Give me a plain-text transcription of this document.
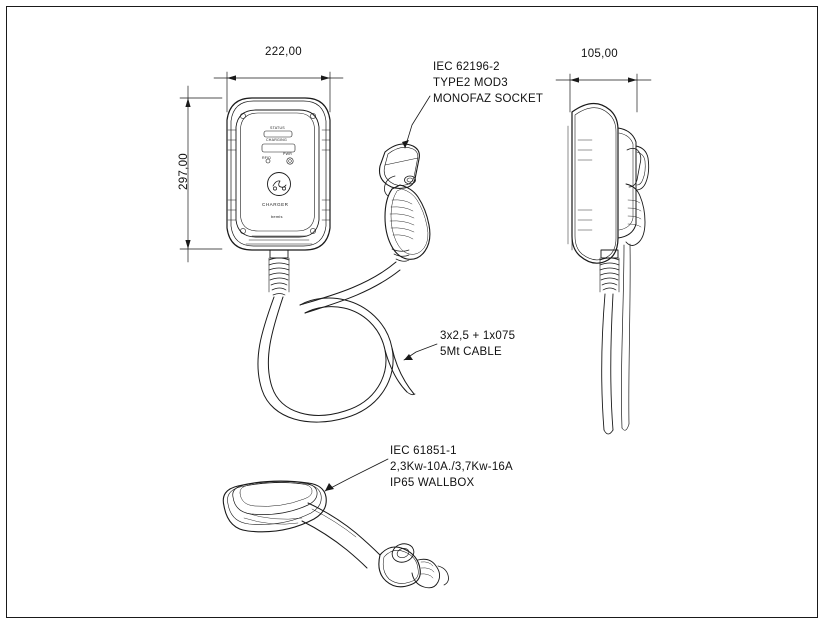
222,00
297,00
105,00
IEC 62196-2
TYPE2 MOD3
MONOFAZ SOCKET
3x2,5 + 1x075
5Mt CABLE
IEC 61851-1
2,3Kw-10A./3,7Kw-16A
IP65 WALLBOX
STATUS
CHARGING
RFID
PWR
CHARGER
bemis
